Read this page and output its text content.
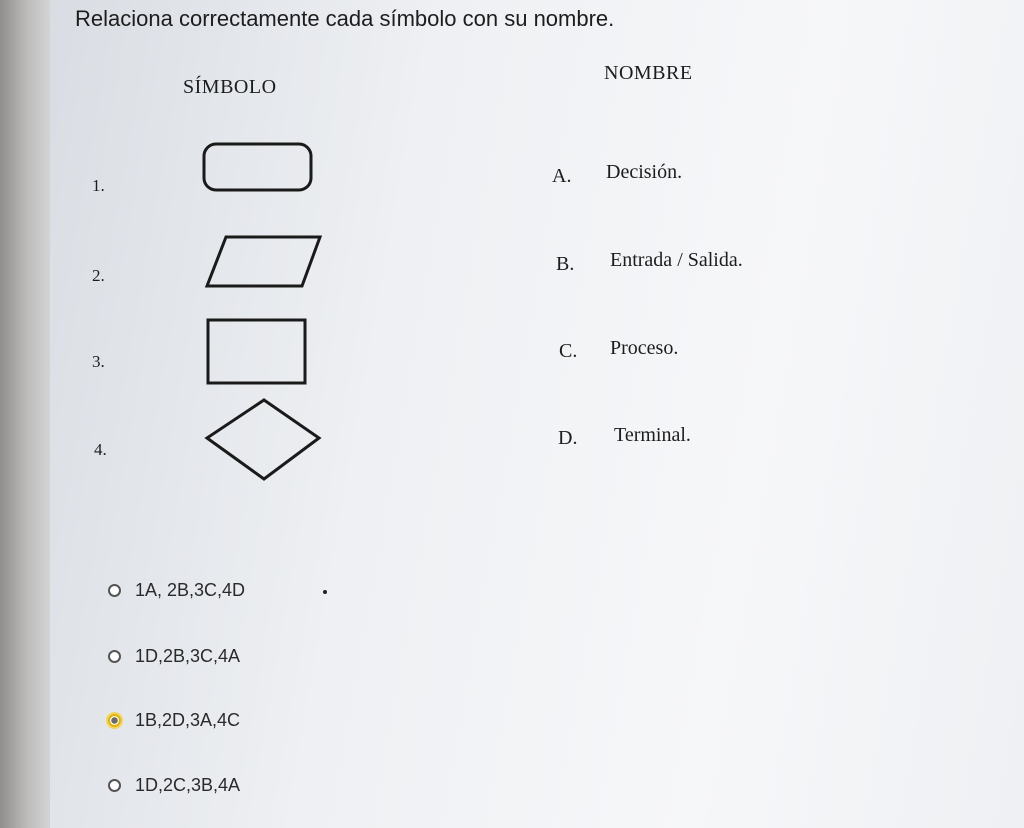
Relaciona correctamente cada símbolo con su nombre.
SÍMBOLO
NOMBRE
1.
2.
3.
4.
A. Decisión.
B. Entrada / Salida.
C. Proceso.
D. Terminal.
1A, 2B,3C,4D
1D,2B,3C,4A
1B,2D,3A,4C
1D,2C,3B,4A
